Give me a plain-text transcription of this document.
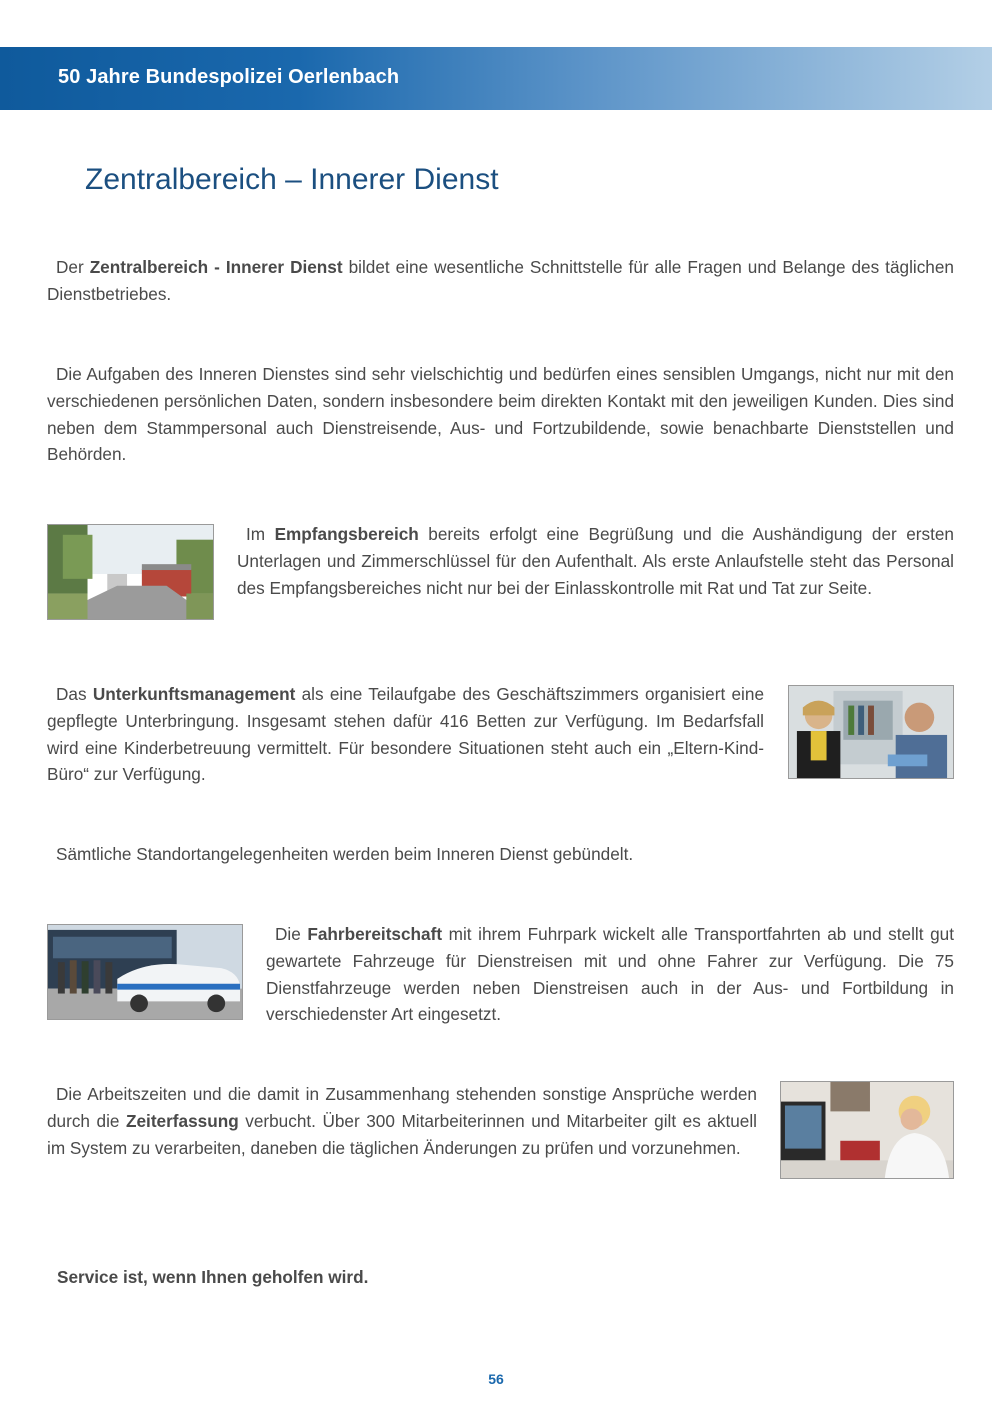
50 Jahre Bundespolizei Oerlenbach
Zentralbereich – Innerer Dienst

Der Zentralbereich - Innerer Dienst bildet eine wesentliche Schnittstelle für alle Fragen und Belange des täglichen Dienstbetriebes.

Die Aufgaben des Inneren Dienstes sind sehr vielschichtig und bedürfen eines sensiblen Umgangs, nicht nur mit den verschiedenen persönlichen Daten, sondern insbesondere beim direkten Kontakt mit den jeweiligen Kunden. Dies sind neben dem Stammpersonal auch Dienstreisende, Aus- und Fortzubildende, sowie benachbarte Dienststellen und Behörden.

Im Empfangsbereich bereits erfolgt eine Begrüßung und die Aushändigung der ersten Unterlagen und Zimmerschlüssel für den Aufenthalt. Als erste Anlaufstelle steht das Personal des Empfangsbereiches nicht nur bei der Einlasskontrolle mit Rat und Tat zur Seite.

Das Unterkunftsmanagement als eine Teilaufgabe des Geschäftszimmers organisiert eine gepflegte Unterbringung. Insgesamt stehen dafür 416 Betten zur Verfügung. Im Bedarfsfall wird eine Kinderbetreuung vermittelt. Für besondere Situationen steht auch ein „Eltern-Kind-Büro“ zur Verfügung.

Sämtliche Standortangelegenheiten werden beim Inneren Dienst gebündelt.

Die Fahrbereitschaft mit ihrem Fuhrpark wickelt alle Transportfahrten ab und stellt gut gewartete Fahrzeuge für Dienstreisen mit und ohne Fahrer zur Verfügung. Die 75 Dienstfahrzeuge werden neben Dienstreisen auch in der Aus- und Fortbildung in verschiedenster Art eingesetzt.

Die Arbeitszeiten und die damit in Zusammenhang stehenden sonstige Ansprüche werden durch die Zeiterfassung verbucht. Über 300 Mitarbeiterinnen und Mitarbeiter gilt es aktuell im System zu verarbeiten, daneben die täglichen Änderungen zu prüfen und vorzunehmen.

Service ist, wenn Ihnen geholfen wird.
56
